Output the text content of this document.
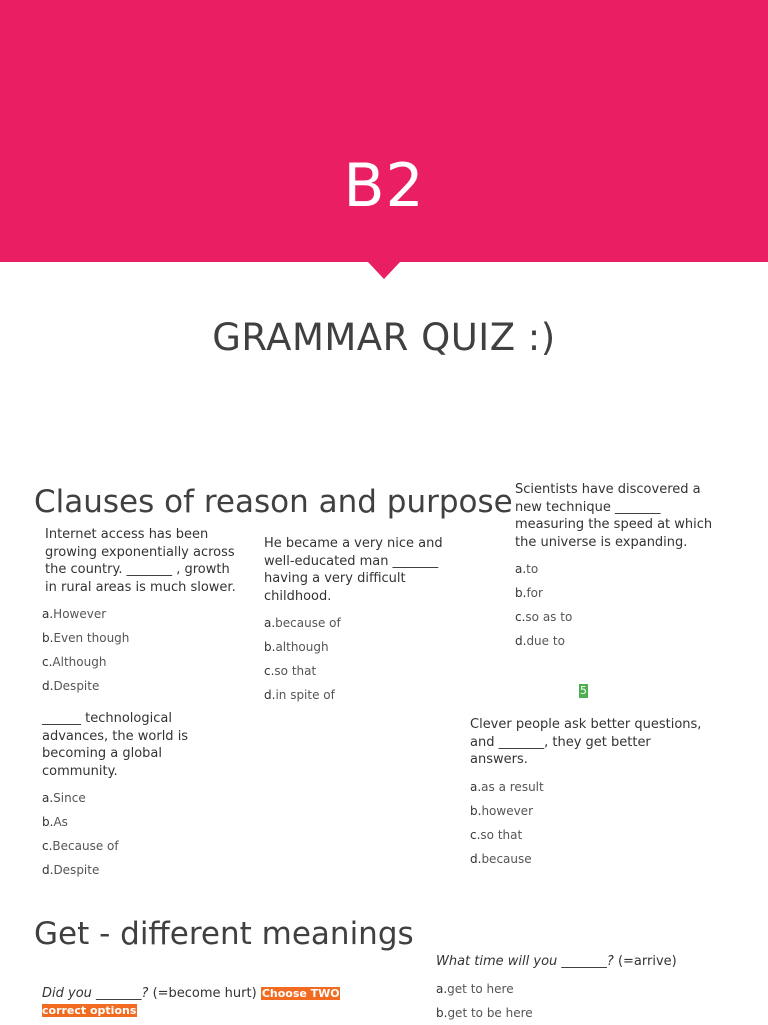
B2
GRAMMAR QUIZ :)
Clauses of reason and purpose

Internet access has been growing exponentially across the country. _______ , growth in rural areas is much slower.

a.However
b.Even though
c.Although
d.Despite

He became a very nice and well-educated man _______ having a very difficult childhood.

a.because of
b.although
c.so that
d.in spite of

Scientists have discovered a new technique _______ measuring the speed at which the universe is expanding.

a.to
b.for
c.so as to
d.due to
5

______ technological advances, the world is becoming a global community.

a.Since
b.As
c.Because of
d.Despite

Clever people ask better questions, and _______, they get better answers.

a.as a result
b.however
c.so that
d.because
Get - different meanings

Did you _______? (=become hurt) Choose TWO correct options

What time will you _______? (=arrive)

a.get to here
b.get to be here
